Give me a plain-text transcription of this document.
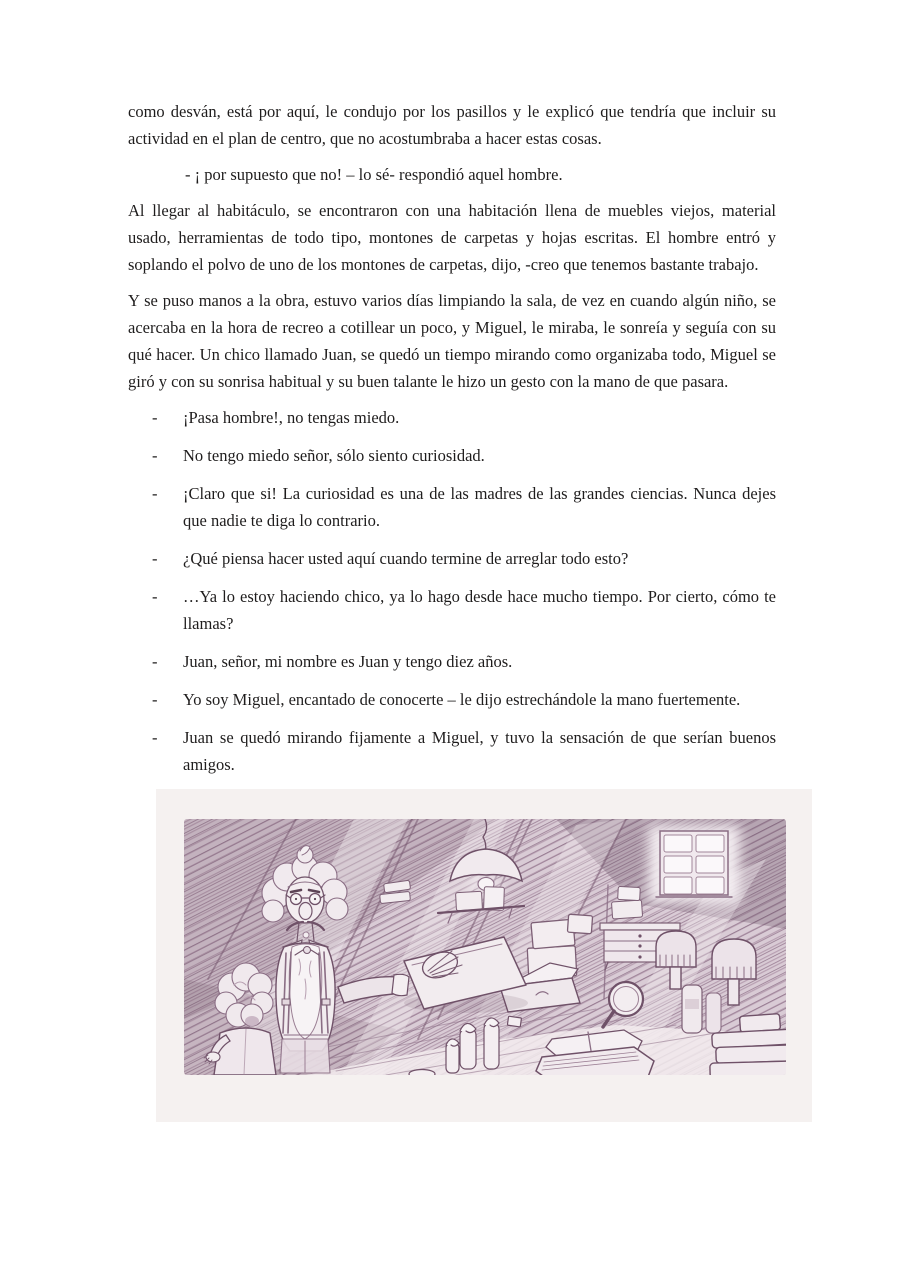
como desván, está por aquí, le condujo por los pasillos y le explicó que tendría que incluir su actividad en el plan de centro, que no acostumbraba a hacer estas cosas.

- ¡ por supuesto que no! – lo sé- respondió aquel hombre.

Al llegar al habitáculo, se encontraron con una habitación llena de muebles viejos, material usado, herramientas de todo tipo, montones de carpetas y hojas escritas. El hombre entró y soplando el polvo de uno de los montones de carpetas, dijo, -creo que tenemos bastante trabajo.

Y se puso manos a la obra, estuvo varios días limpiando la sala, de vez en cuando algún niño, se acercaba en la hora de recreo a cotillear un poco, y Miguel, le miraba, le sonreía y seguía con su qué hacer. Un chico llamado Juan, se quedó un tiempo mirando como organizaba todo, Miguel se giró y con su sonrisa habitual y su buen talante le hizo un gesto con la mano de que pasara.

- ¡Pasa hombre!, no tengas miedo.
- No tengo miedo señor, sólo siento curiosidad.
- ¡Claro que si! La curiosidad es una de las madres de las grandes ciencias. Nunca dejes que nadie te diga lo contrario.
- ¿Qué piensa hacer usted aquí cuando termine de arreglar todo esto?
- …Ya lo estoy haciendo chico, ya lo hago desde hace mucho tiempo. Por cierto, cómo te llamas?
- Juan, señor, mi nombre es Juan y tengo diez años.
- Yo soy Miguel, encantado de conocerte – le dijo estrechándole la mano fuertemente.
- Juan se quedó mirando fijamente a Miguel, y tuvo la sensación de que serían buenos amigos.
